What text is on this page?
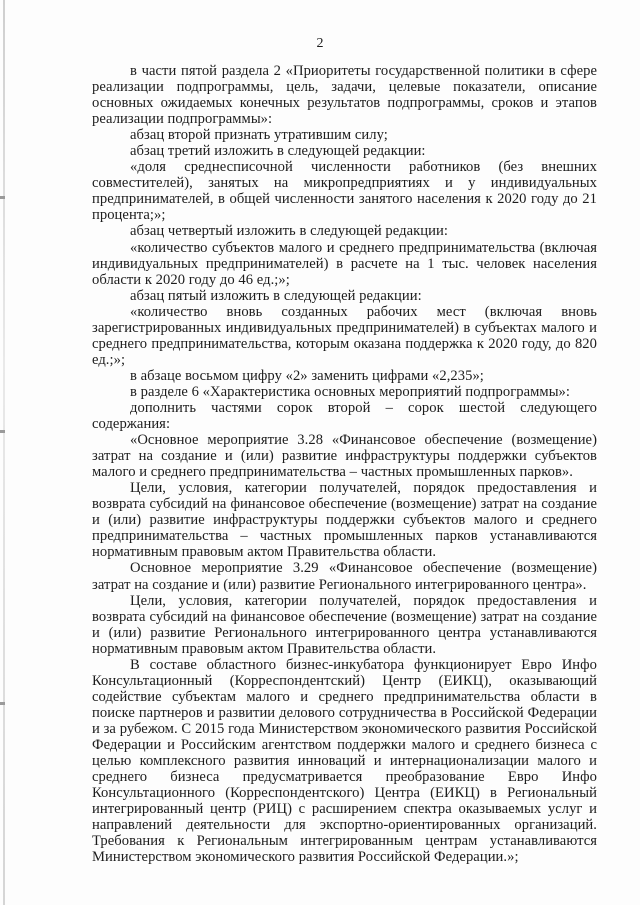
2

в части пятой раздела 2 «Приоритеты государственной политики в сфере реализации подпрограммы, цель, задачи, целевые показатели, описание основных ожидаемых конечных результатов подпрограммы, сроков и этапов реализации подпрограммы»:

абзац второй признать утратившим силу;

абзац третий изложить в следующей редакции:

«доля среднесписочной численности работников (без внешних совместителей), занятых на микропредприятиях и у индивидуальных предпринимателей, в общей численности занятого населения к 2020 году до 21 процента;»;

абзац четвертый изложить в следующей редакции:

«количество субъектов малого и среднего предпринимательства (включая индивидуальных предпринимателей) в расчете на 1 тыс. человек населения области к 2020 году до 46 ед.;»;

абзац пятый изложить в следующей редакции:

«количество вновь созданных рабочих мест (включая вновь зарегистрированных индивидуальных предпринимателей) в субъектах малого и среднего предпринимательства, которым оказана поддержка к 2020 году, до 820 ед.;»;

в абзаце восьмом цифру «2» заменить цифрами «2,235»;

в разделе 6 «Характеристика основных мероприятий подпрограммы»:

дополнить частями сорок второй – сорок шестой следующего содержания:

«Основное мероприятие 3.28 «Финансовое обеспечение (возмещение) затрат на создание и (или) развитие инфраструктуры поддержки субъектов малого и среднего предпринимательства – частных промышленных парков».

Цели, условия, категории получателей, порядок предоставления и возврата субсидий на финансовое обеспечение (возмещение) затрат на создание и (или) развитие инфраструктуры поддержки субъектов малого и среднего предпринимательства – частных промышленных парков устанавливаются нормативным правовым актом Правительства области.

Основное мероприятие 3.29 «Финансовое обеспечение (возмещение) затрат на создание и (или) развитие Регионального интегрированного центра».

Цели, условия, категории получателей, порядок предоставления и возврата субсидий на финансовое обеспечение (возмещение) затрат на создание и (или) развитие Регионального интегрированного центра устанавливаются нормативным правовым актом Правительства области.

В составе областного бизнес-инкубатора функционирует Евро Инфо Консультационный (Корреспондентский) Центр (ЕИКЦ), оказывающий содействие субъектам малого и среднего предпринимательства области в поиске партнеров и развитии делового сотрудничества в Российской Федерации и за рубежом. С 2015 года Министерством экономического развития Российской Федерации и Российским агентством поддержки малого и среднего бизнеса с целью комплексного развития инноваций и интернационализации малого и среднего бизнеса предусматривается преобразование Евро Инфо Консультационного (Корреспондентского) Центра (ЕИКЦ) в Региональный интегрированный центр (РИЦ) с расширением спектра оказываемых услуг и направлений деятельности для экспортно-ориентированных организаций. Требования к Региональным интегрированным центрам устанавливаются Министерством экономического развития Российской Федерации.»;
